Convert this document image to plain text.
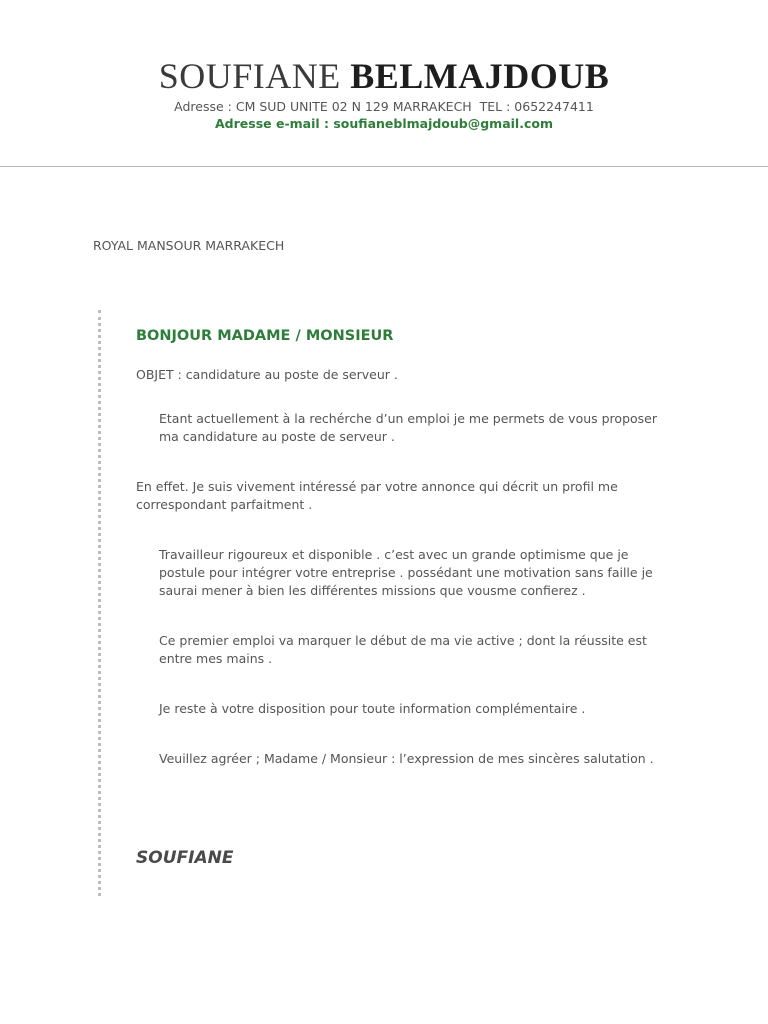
SOUFIANE BELMAJDOUB
Adresse : CM SUD UNITE 02 N 129 MARRAKECH  TEL : 0652247411
Adresse e-mail : soufianeblmajdoub@gmail.com
ROYAL MANSOUR MARRAKECH
BONJOUR MADAME / MONSIEUR

OBJET : candidature au poste de serveur .

Etant actuellement à la rechérche d’un emploi je me permets de vous proposer ma candidature au poste de serveur .

En effet. Je suis vivement intéressé par votre annonce qui décrit un profil me correspondant parfaitment .

Travailleur rigoureux et disponible . c’est avec un grande optimisme que je postule pour intégrer votre entreprise . possédant une motivation sans faille je saurai mener à bien les différentes missions que vousme confierez .

Ce premier emploi va marquer le début de ma vie active ; dont la réussite est entre mes mains .

Je reste à votre disposition pour toute information complémentaire .

Veuillez agréer ; Madame / Monsieur : l’expression de mes sincères salutation .

SOUFIANE
